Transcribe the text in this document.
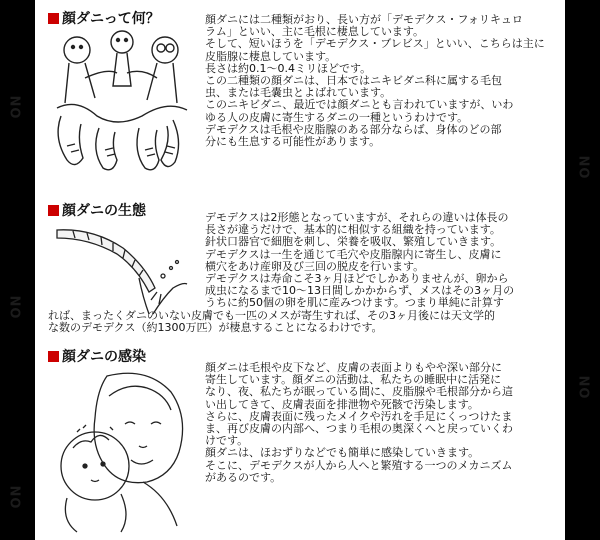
NO
NO
NO
NO
NO
顔ダニって何？	顔ダニには二種類がおり、長い方が「デモデクス・フォリキュロ
ラム」といい、主に毛根に棲息しています。
そして、短いほうを「デモデクス・ブレビス」といい、こちらは主に
皮脂腺に棲息しています。
長さは約0.1～0.4ミリほどです。
この二種類の顔ダニは、日本ではニキビダニ科に属する毛包
虫、または毛嚢虫とよばれています。
このニキビダニ、最近では顔ダニとも言われていますが、いわ
ゆる人の皮膚に寄生するダニの一種というわけです。
デモデクスは毛根や皮脂腺のある部分ならば、身体のどの部
分にも生息する可能性があります。
顔ダニの生態	デモデクスは2形態となっていますが、それらの違いは体長の
長さが違うだけで、基本的に相似する組織を持っています。
針状口器官で細胞を刺し、栄養を吸収、繁殖していきます。
デモデクスは一生を通じて毛穴や皮脂腺内に寄生し、皮膚に
横穴をあけ産卵及び三回の脱皮を行います。
デモデクスは寿命こそ3ヶ月ほどでしかありませんが、卵から
成虫になるまで10～13日間しかかからず、メスはその3ヶ月の
うちに約50個の卵を肌に産みつけます。つまり単純に計算す
れば、まったくダニのいない皮膚でも一匹のメスが寄生すれば、その3ヶ月後には天文学的
な数のデモデクス（約1300万匹）が棲息することになるわけです。
顔ダニの感染
顔ダニは毛根や皮下など、皮膚の表面よりもやや深い部分に
寄生しています。顔ダニの活動は、私たちの睡眠中に活発に
なり、夜、私たちが眠っている間に、皮脂腺や毛根部分から這
い出してきて、皮膚表面を排泄物や死骸で汚染します。
さらに、皮膚表面に残ったメイクや汚れを手足にくっつけたま
ま、再び皮膚の内部へ、つまり毛根の奥深くへと戻っていくわ
けです。
顔ダニは、ほおずりなどでも簡単に感染していきます。
そこに、デモデクスが人から人へと繁殖する一つのメカニズム
があるのです。
